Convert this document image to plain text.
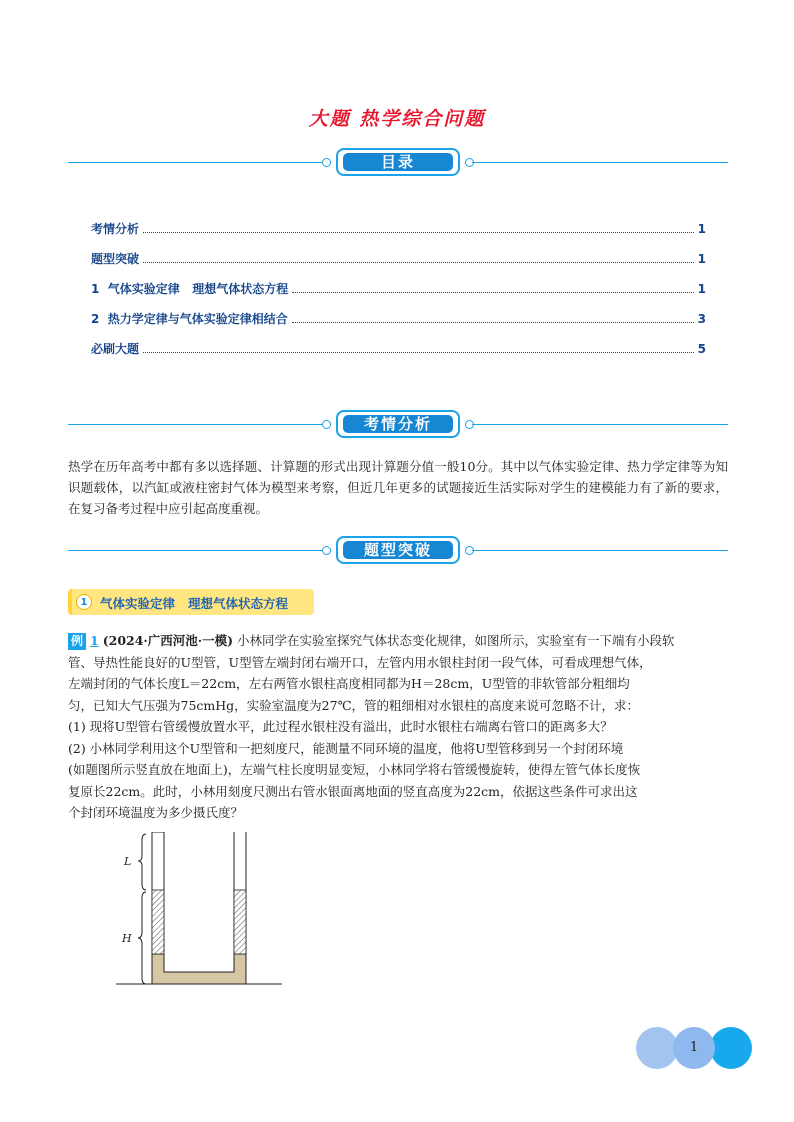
大题 热学综合问题
目录
考情分析	1
题型突破	1
1  气体实验定律   理想气体状态方程	1
2  热力学定律与气体实验定律相结合	3
必刷大题	5
考情分析
热学在历年高考中都有多以选择题、计算题的形式出现计算题分值一般10分。其中以气体实验定律、热力学定律等为知识题载体，以汽缸或液柱密封气体为模型来考察，但近几年更多的试题接近生活实际对学生的建模能力有了新的要求，在复习备考过程中应引起高度重视。
题型突破
1	气体实验定律   理想气体状态方程
例 1 (2024·广西河池·一模) 小林同学在实验室探究气体状态变化规律，如图所示，实验室有一下端有小段软
管、导热性能良好的U型管，U型管左端封闭右端开口，左管内用水银柱封闭一段气体，可看成理想气体，
左端封闭的气体长度L＝22cm，左右两管水银柱高度相同都为H＝28cm，U型管的非软管部分粗细均
匀，已知大气压强为75cmHg，实验室温度为27℃，管的粗细相对水银柱的高度来说可忽略不计，求：
(1) 现将U型管右管缓慢放置水平，此过程水银柱没有溢出，此时水银柱右端离右管口的距离多大？
(2) 小林同学利用这个U型管和一把刻度尺，能测量不同环境的温度，他将U型管移到另一个封闭环境
(如题图所示竖直放在地面上)，左端气柱长度明显变短，小林同学将右管缓慢旋转，使得左管气体长度恢
复原长22cm。此时，小林用刻度尺测出右管水银面离地面的竖直高度为22cm，依据这些条件可求出这
个封闭环境温度为多少摄氏度？
L
H
1
